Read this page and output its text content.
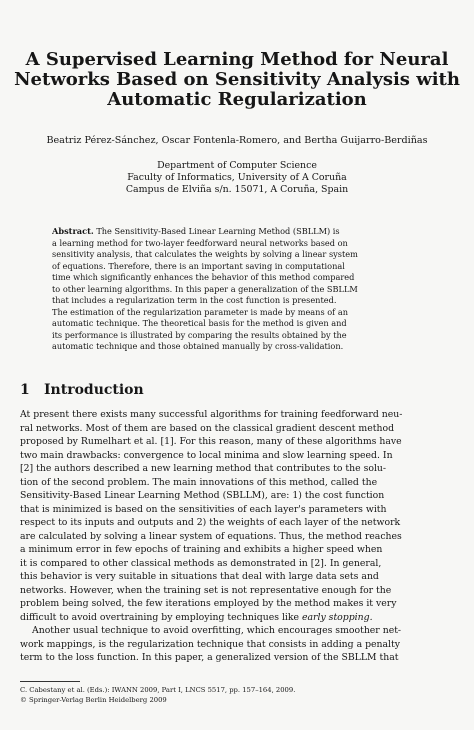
A Supervised Learning Method for Neural
Networks Based on Sensitivity Analysis with
Automatic Regularization
Beatriz Pérez-Sánchez, Oscar Fontenla-Romero, and Bertha Guijarro-Berdiñas
Department of Computer Science
Faculty of Informatics, University of A Coruña
Campus de Elviña s/n. 15071, A Coruña, Spain
Abstract. The Sensitivity-Based Linear Learning Method (SBLLM) is
a learning method for two-layer feedforward neural networks based on
sensitivity analysis, that calculates the weights by solving a linear system
of equations. Therefore, there is an important saving in computational
time which significantly enhances the behavior of this method compared
to other learning algorithms. In this paper a generalization of the SBLLM
that includes a regularization term in the cost function is presented.
The estimation of the regularization parameter is made by means of an
automatic technique. The theoretical basis for the method is given and
its performance is illustrated by comparing the results obtained by the
automatic technique and those obtained manually by cross-validation.
1 Introduction
At present there exists many successful algorithms for training feedforward neu-
ral networks. Most of them are based on the classical gradient descent method
proposed by Rumelhart et al. [1]. For this reason, many of these algorithms have
two main drawbacks: convergence to local minima and slow learning speed. In
[2] the authors described a new learning method that contributes to the solu-
tion of the second problem. The main innovations of this method, called the
Sensitivity-Based Linear Learning Method (SBLLM), are: 1) the cost function
that is minimized is based on the sensitivities of each layer's parameters with
respect to its inputs and outputs and 2) the weights of each layer of the network
are calculated by solving a linear system of equations. Thus, the method reaches
a minimum error in few epochs of training and exhibits a higher speed when
it is compared to other classical methods as demonstrated in [2]. In general,
this behavior is very suitable in situations that deal with large data sets and
networks. However, when the training set is not representative enough for the
problem being solved, the few iterations employed by the method makes it very
difficult to avoid overtraining by employing techniques like early stopping.
Another usual technique to avoid overfitting, which encourages smoother net-
work mappings, is the regularization technique that consists in adding a penalty
term to the loss function. In this paper, a generalized version of the SBLLM that
C. Cabestany et al. (Eds.): IWANN 2009, Part I, LNCS 5517, pp. 157–164, 2009.
© Springer-Verlag Berlin Heidelberg 2009
